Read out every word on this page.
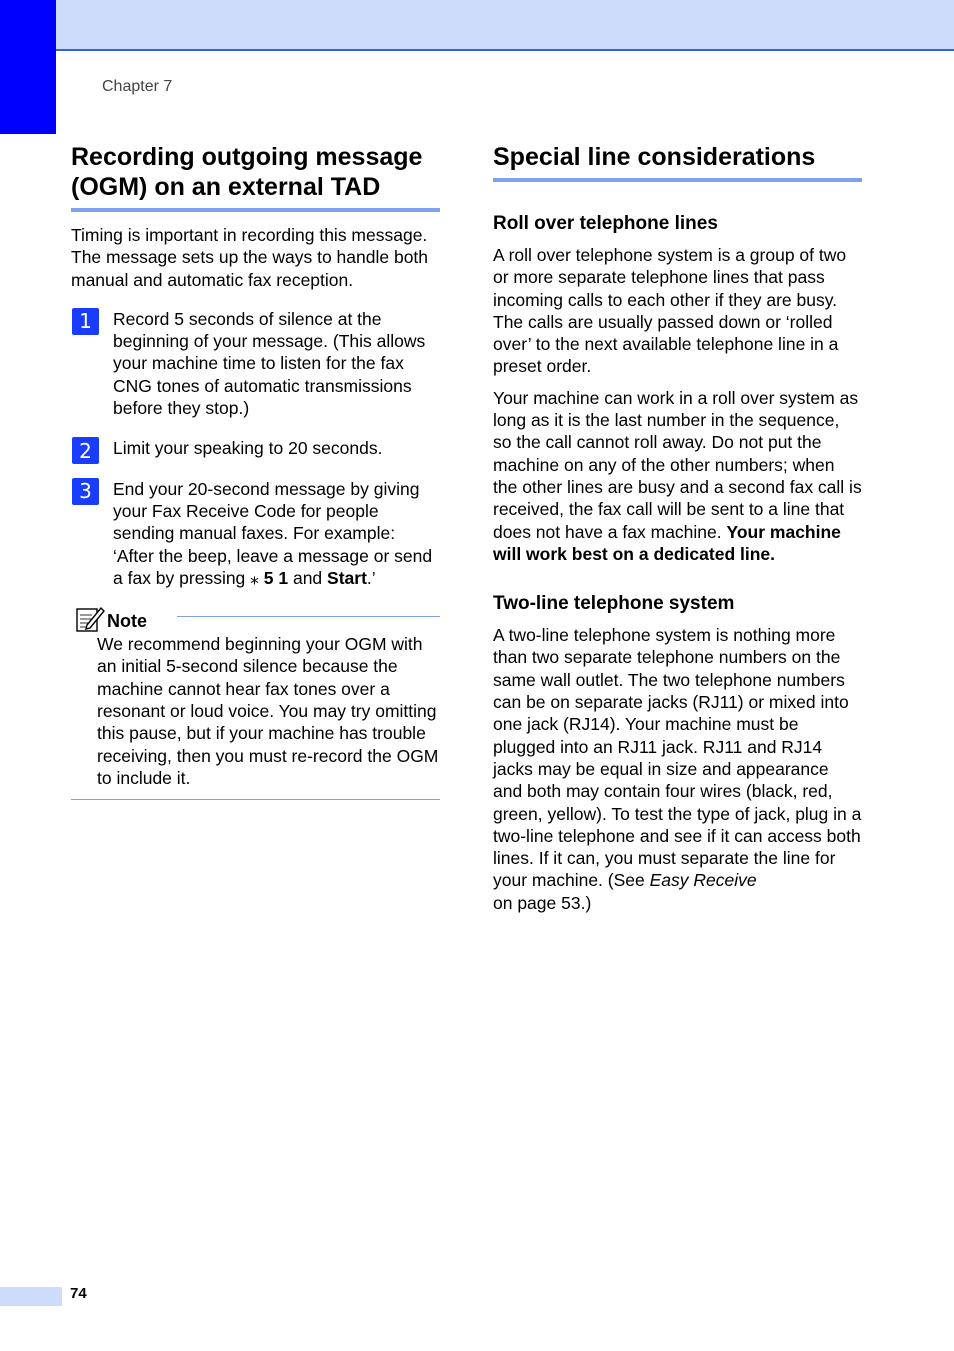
Chapter 7
Recording outgoing message (OGM) on an external TAD

Timing is important in recording this message. The message sets up the ways to handle both manual and automatic fax reception.

1	Record 5 seconds of silence at the beginning of your message. (This allows your machine time to listen for the fax CNG tones of automatic transmissions before they stop.)

2	Limit your speaking to 20 seconds.

3	End your 20-second message by giving your Fax Receive Code for people sending manual faxes. For example: ‘After the beep, leave a message or send a fax by pressing ⁎ 5 1 and Start.’

Note

We recommend beginning your OGM with an initial 5-second silence because the machine cannot hear fax tones over a resonant or loud voice. You may try omitting this pause, but if your machine has trouble receiving, then you must re-record the OGM to include it.

Special line considerations
Roll over telephone lines

A roll over telephone system is a group of two or more separate telephone lines that pass incoming calls to each other if they are busy. The calls are usually passed down or ‘rolled over’ to the next available telephone line in a preset order.

Your machine can work in a roll over system as long as it is the last number in the sequence, so the call cannot roll away. Do not put the machine on any of the other numbers; when the other lines are busy and a second fax call is received, the fax call will be sent to a line that does not have a fax machine. Your machine will work best on a dedicated line.

Two-line telephone system

A two-line telephone system is nothing more than two separate telephone numbers on the same wall outlet. The two telephone numbers can be on separate jacks (RJ11) or mixed into one jack (RJ14). Your machine must be plugged into an RJ11 jack. RJ11 and RJ14 jacks may be equal in size and appearance and both may contain four wires (black, red, green, yellow). To test the type of jack, plug in a two-line telephone and see if it can access both lines. If it can, you must separate the line for your machine. (See Easy Receive
on page 53.)

74
